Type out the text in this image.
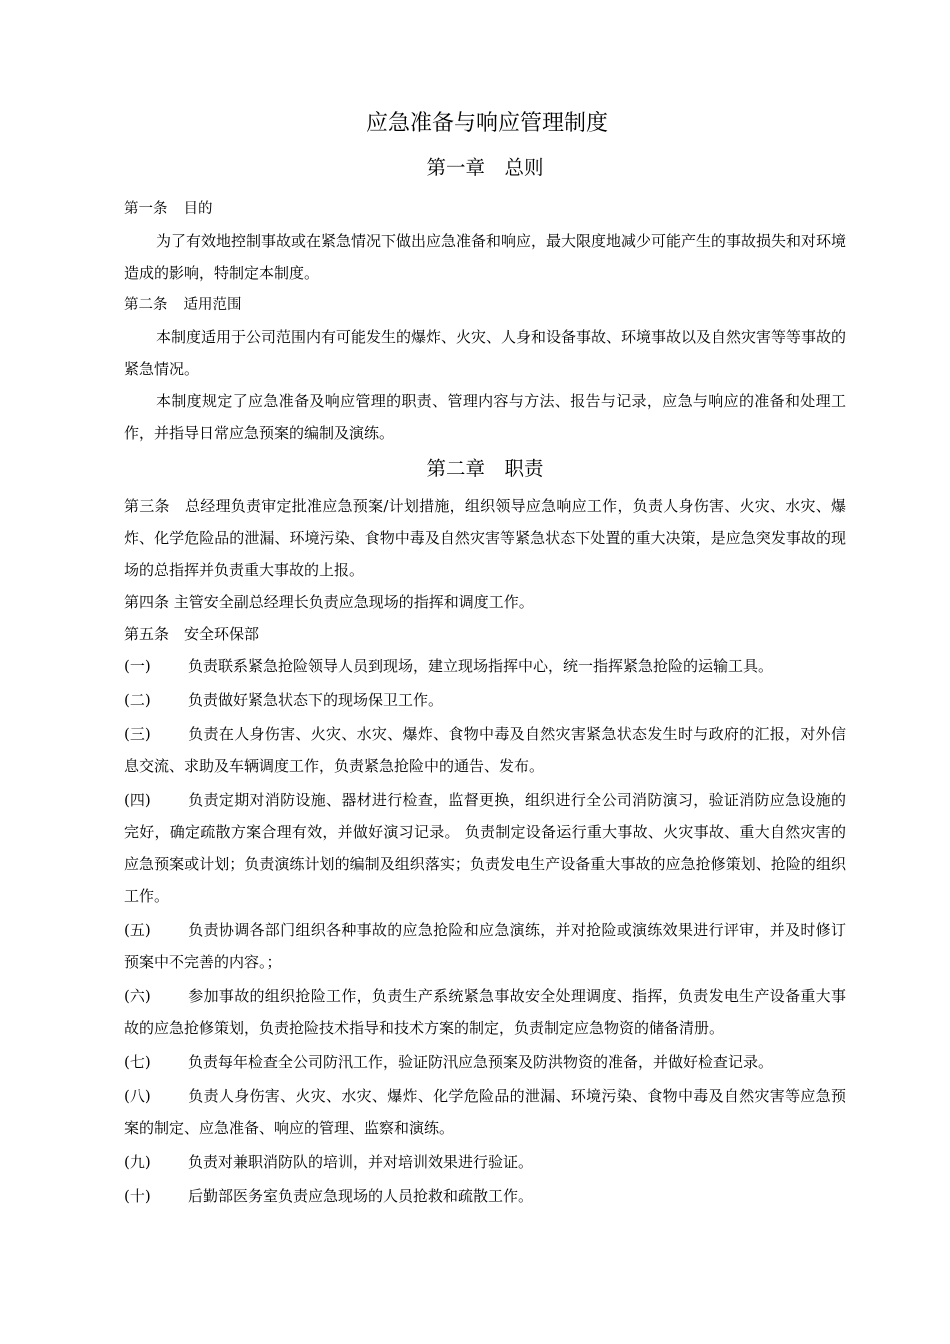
应急准备与响应管理制度
第一章　总则
第一条 目的
为了有效地控制事故或在紧急情况下做出应急准备和响应，最大限度地减少可能产生的事故损失和对环境造成的影响，特制定本制度。
第二条 适用范围
本制度适用于公司范围内有可能发生的爆炸、火灾、人身和设备事故、环境事故以及自然灾害等等事故的紧急情况。
本制度规定了应急准备及响应管理的职责、管理内容与方法、报告与记录，应急与响应的准备和处理工作，并指导日常应急预案的编制及演练。
第二章　职责
第三条　总经理负责审定批准应急预案/计划措施，组织领导应急响应工作，负责人身伤害、火灾、水灾、爆炸、化学危险品的泄漏、环境污染、食物中毒及自然灾害等紧急状态下处置的重大决策，是应急突发事故的现场的总指挥并负责重大事故的上报。
第四条 主管安全副总经理长负责应急现场的指挥和调度工作。
第五条　安全环保部
(一) 负责联系紧急抢险领导人员到现场，建立现场指挥中心，统一指挥紧急抢险的运输工具。
(二) 负责做好紧急状态下的现场保卫工作。
(三) 负责在人身伤害、火灾、水灾、爆炸、食物中毒及自然灾害紧急状态发生时与政府的汇报，对外信息交流、求助及车辆调度工作，负责紧急抢险中的通告、发布。
(四) 负责定期对消防设施、器材进行检查，监督更换，组织进行全公司消防演习，验证消防应急设施的完好，确定疏散方案合理有效，并做好演习记录。 负责制定设备运行重大事故、火灾事故、重大自然灾害的应急预案或计划；负责演练计划的编制及组织落实；负责发电生产设备重大事故的应急抢修策划、抢险的组织工作。
(五) 负责协调各部门组织各种事故的应急抢险和应急演练，并对抢险或演练效果进行评审，并及时修订预案中不完善的内容。；
(六) 参加事故的组织抢险工作，负责生产系统紧急事故安全处理调度、指挥，负责发电生产设备重大事故的应急抢修策划，负责抢险技术指导和技术方案的制定，负责制定应急物资的储备清册。
(七) 负责每年检查全公司防汛工作，验证防汛应急预案及防洪物资的准备，并做好检查记录。
(八) 负责人身伤害、火灾、水灾、爆炸、化学危险品的泄漏、环境污染、食物中毒及自然灾害等应急预案的制定、应急准备、响应的管理、监察和演练。
(九) 负责对兼职消防队的培训，并对培训效果进行验证。
(十) 后勤部医务室负责应急现场的人员抢救和疏散工作。
